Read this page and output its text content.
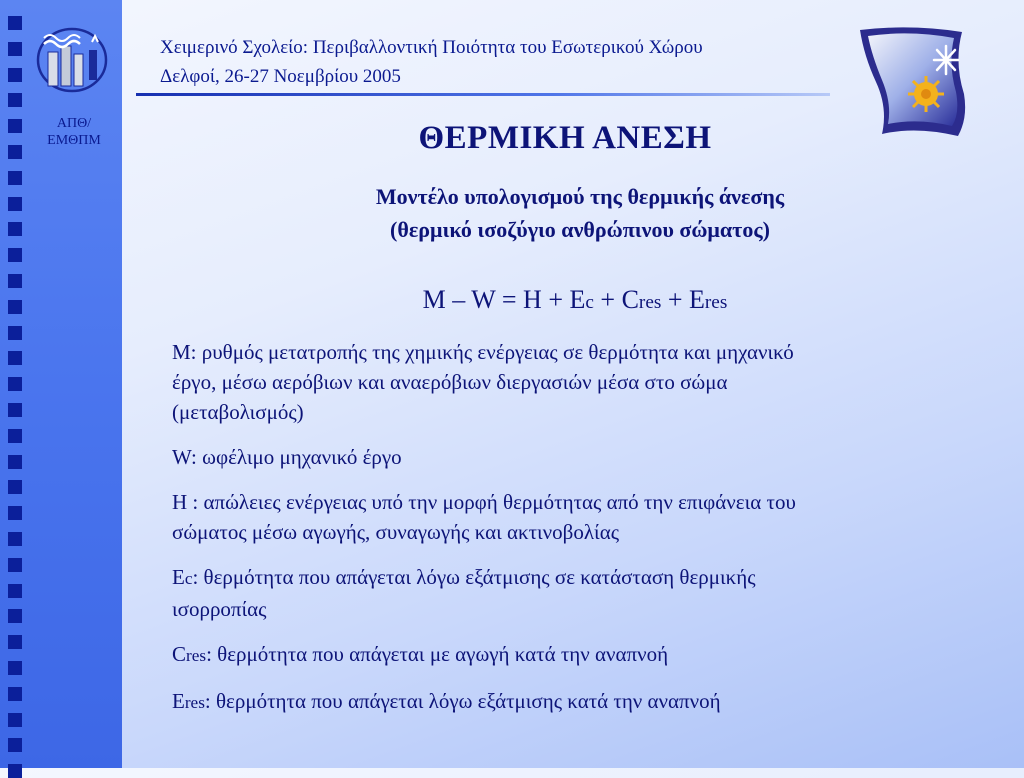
ΑΠΘ/
ΕΜΘΠΜ
Χειμερινό Σχολείο: Περιβαλλοντική Ποιότητα του Εσωτερικού Χώρου
Δελφοί, 26-27 Νοεμβρίου 2005
ΘΕΡΜΙΚΗ ΑΝΕΣΗ
Μοντέλο υπολογισμού της θερμικής άνεσης
(θερμικό ισοζύγιο ανθρώπινου σώματος)
M – W = H + Ec + Cres + Eres
M: ρυθμός μετατροπής της χημικής ενέργειας σε θερμότητα και μηχανικό
έργο, μέσω αερόβιων και αναερόβιων διεργασιών μέσα στο σώμα
(μεταβολισμός)
W: ωφέλιμο μηχανικό έργο
H : απώλειες ενέργειας υπό την μορφή θερμότητας από την επιφάνεια του
σώματος μέσω αγωγής, συναγωγής και ακτινοβολίας
Ec: θερμότητα που απάγεται λόγω εξάτμισης σε κατάσταση θερμικής
ισορροπίας
Cres: θερμότητα που απάγεται με αγωγή κατά την αναπνοή
Eres: θερμότητα που απάγεται λόγω εξάτμισης κατά την αναπνοή
